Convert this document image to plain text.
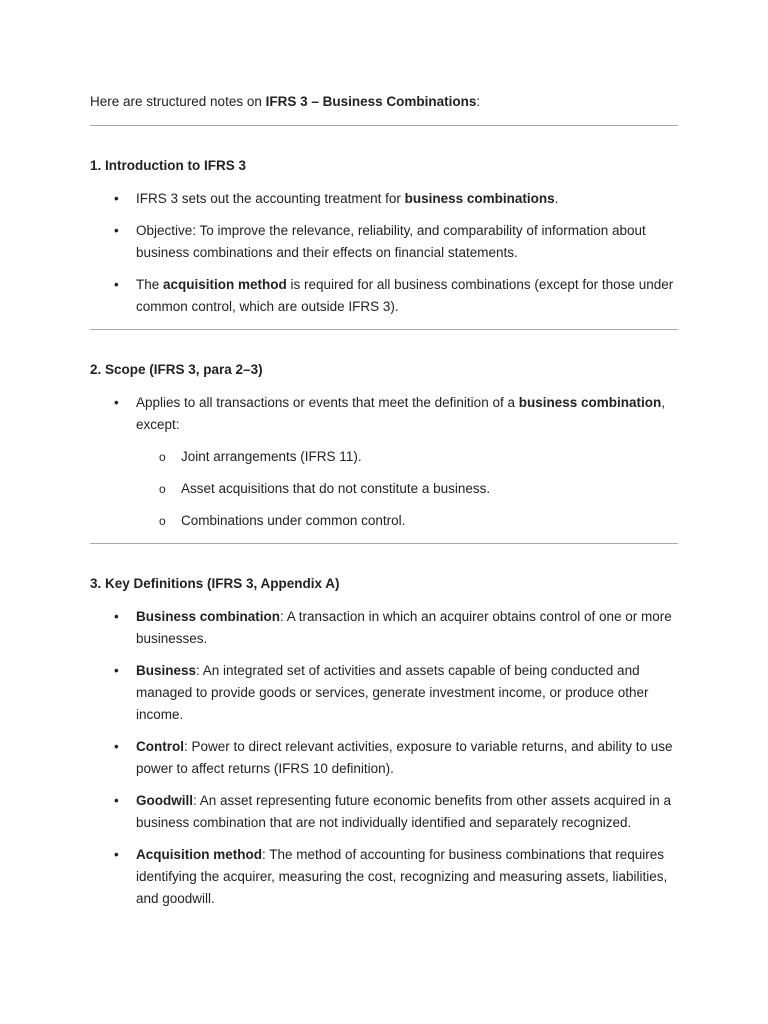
Here are structured notes on IFRS 3 – Business Combinations:

1. Introduction to IFRS 3
• IFRS 3 sets out the accounting treatment for business combinations.
• Objective: To improve the relevance, reliability, and comparability of information about business combinations and their effects on financial statements.
• The acquisition method is required for all business combinations (except for those under common control, which are outside IFRS 3).
2. Scope (IFRS 3, para 2–3)
• Applies to all transactions or events that meet the definition of a business combination, except:
o Joint arrangements (IFRS 11).
o Asset acquisitions that do not constitute a business.
o Combinations under common control.
3. Key Definitions (IFRS 3, Appendix A)
• Business combination: A transaction in which an acquirer obtains control of one or more businesses.
• Business: An integrated set of activities and assets capable of being conducted and managed to provide goods or services, generate investment income, or produce other income.
• Control: Power to direct relevant activities, exposure to variable returns, and ability to use power to affect returns (IFRS 10 definition).
• Goodwill: An asset representing future economic benefits from other assets acquired in a business combination that are not individually identified and separately recognized.
• Acquisition method: The method of accounting for business combinations that requires identifying the acquirer, measuring the cost, recognizing and measuring assets, liabilities, and goodwill.
